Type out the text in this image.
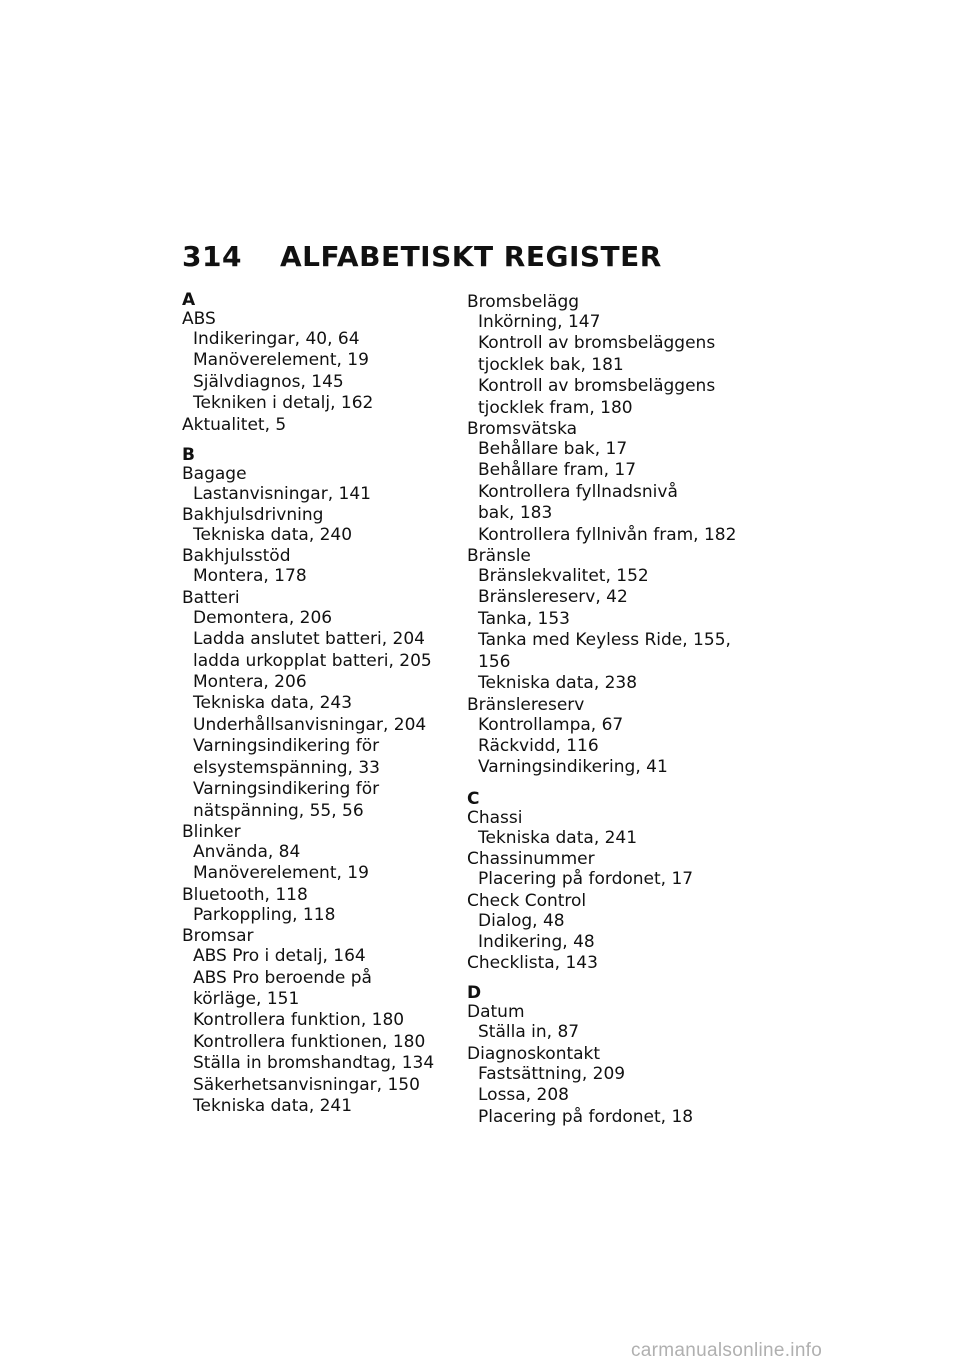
314 ALFABETISKT REGISTER
A
ABS
Indikeringar, 40, 64
Manöverelement, 19
Självdiagnos, 145
Tekniken i detalj, 162
Aktualitet, 5
B
Bagage
Lastanvisningar, 141
Bakhjulsdrivning
Tekniska data, 240
Bakhjulsstöd
Montera, 178
Batteri
Demontera, 206
Ladda anslutet batteri, 204
ladda urkopplat batteri, 205
Montera, 206
Tekniska data, 243
Underhållsanvisningar, 204
Varningsindikering för
elsystemspänning, 33
Varningsindikering för
nätspänning, 55, 56
Blinker
Använda, 84
Manöverelement, 19
Bluetooth, 118
Parkoppling, 118
Bromsar
ABS Pro i detalj, 164
ABS Pro beroende på
körläge, 151
Kontrollera funktion, 180
Kontrollera funktionen, 180
Ställa in bromshandtag, 134
Säkerhetsanvisningar, 150
Tekniska data, 241
Bromsbelägg
Inkörning, 147
Kontroll av bromsbeläggens
tjocklek bak, 181
Kontroll av bromsbeläggens
tjocklek fram, 180
Bromsvätska
Behållare bak, 17
Behållare fram, 17
Kontrollera fyllnadsnivå
bak, 183
Kontrollera fyllnivån fram, 182
Bränsle
Bränslekvalitet, 152
Bränslereserv, 42
Tanka, 153
Tanka med Keyless Ride, 155,
156
Tekniska data, 238
Bränslereserv
Kontrollampa, 67
Räckvidd, 116
Varningsindikering, 41
C
Chassi
Tekniska data, 241
Chassinummer
Placering på fordonet, 17
Check Control
Dialog, 48
Indikering, 48
Checklista, 143
D
Datum
Ställa in, 87
Diagnoskontakt
Fastsättning, 209
Lossa, 208
Placering på fordonet, 18
carmanualsonline.info
